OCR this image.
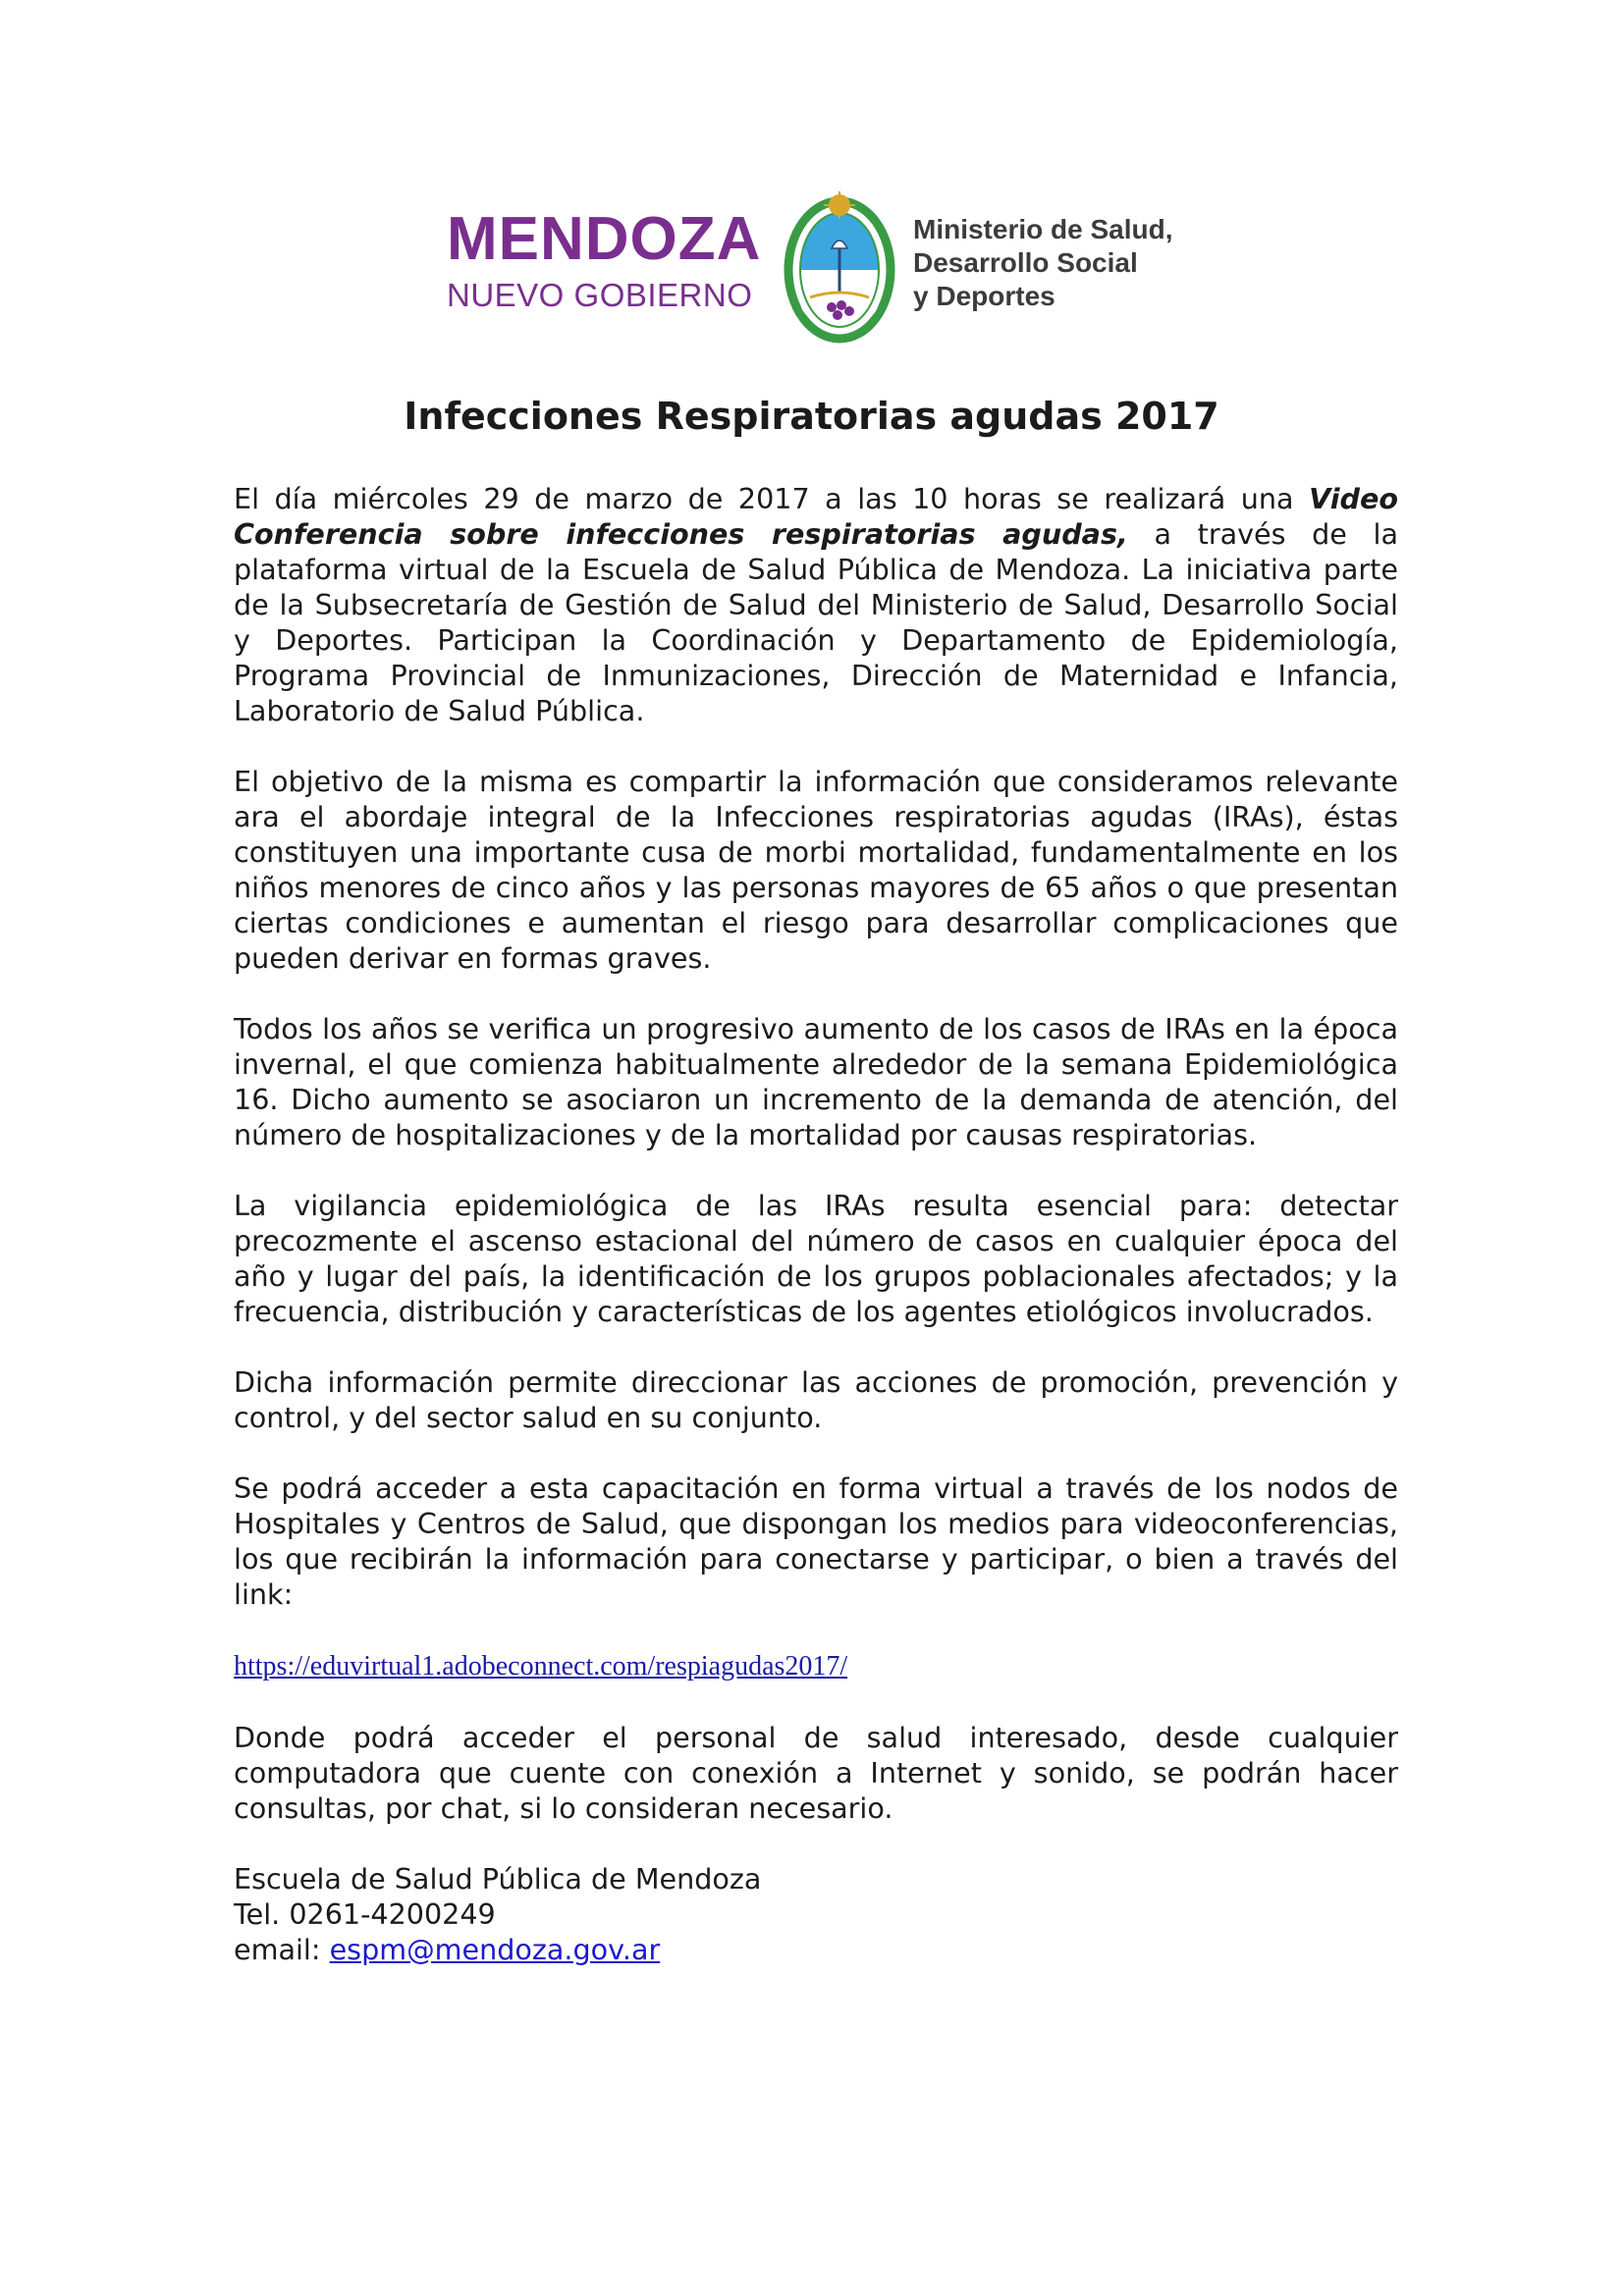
MENDOZA
NUEVO GOBIERNO
Ministerio de Salud,
Desarrollo Social
y Deportes
Infecciones Respiratorias agudas 2017

El día miércoles 29 de marzo de 2017 a las 10 horas se realizará una Video Conferencia sobre infecciones respiratorias agudas, a través de la plataforma virtual de la Escuela de Salud Pública de Mendoza. La iniciativa parte de la Subsecretaría de Gestión de Salud del Ministerio de Salud, Desarrollo Social y Deportes. Participan la Coordinación y Departamento de Epidemiología, Programa Provincial de Inmunizaciones, Dirección de Maternidad e Infancia, Laboratorio de Salud Pública.

El objetivo de la misma es compartir la información que consideramos relevante ara el abordaje integral de la Infecciones respiratorias agudas (IRAs), éstas constituyen una importante cusa de morbi mortalidad, fundamentalmente en los niños menores de cinco años y las personas mayores de 65 años o que presentan ciertas condiciones e aumentan el riesgo para desarrollar complicaciones que pueden derivar en formas graves.

Todos los años se verifica un progresivo aumento de los casos de IRAs en la época invernal, el que comienza habitualmente alrededor de la semana Epidemiológica 16. Dicho aumento se asociaron un incremento de la demanda de atención, del número de hospitalizaciones y de la mortalidad por causas respiratorias.

La vigilancia epidemiológica de las IRAs resulta esencial para: detectar precozmente el ascenso estacional del número de casos en cualquier época del año y lugar del país, la identificación de los grupos poblacionales afectados; y la frecuencia, distribución y características de los agentes etiológicos involucrados.

Dicha información permite direccionar las acciones de promoción, prevención y control, y del sector salud en su conjunto.

Se podrá acceder a esta capacitación en forma virtual a través de los nodos de Hospitales y Centros de Salud, que dispongan los medios para videoconferencias, los que recibirán la información para conectarse y participar, o bien a través del link:

https://eduvirtual1.adobeconnect.com/respiagudas2017/

Donde podrá acceder el personal de salud interesado, desde cualquier computadora que cuente con conexión a Internet y sonido, se podrán hacer consultas, por chat, si lo consideran necesario.

Escuela de Salud Pública de Mendoza

Tel. 0261-4200249

email: espm@mendoza.gov.ar
